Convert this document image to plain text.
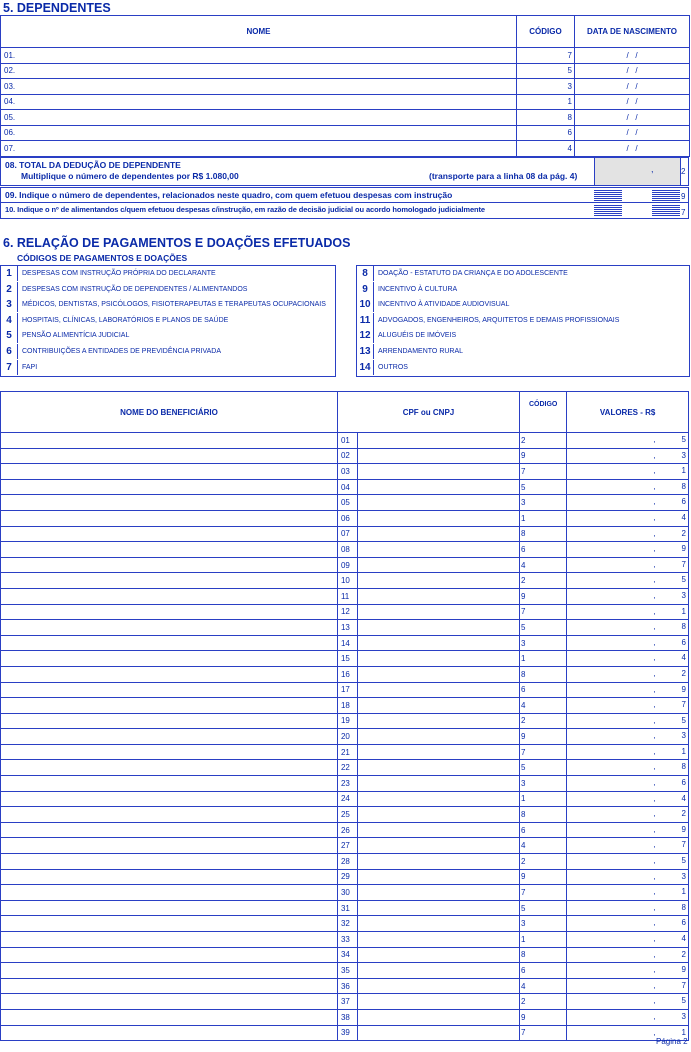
5. DEPENDENTES
NOME	CÓDIGO	DATA DE NASCIMENTO
01.	7	/   /
02.	5	/   /
03.	3	/   /
04.	1	/   /
05.	8	/   /
06.	6	/   /
07.	4	/   /
08. TOTAL DA DEDUÇÃO DE DEPENDENTE
Multiplique o número de dependentes por R$ 1.080,00	(transporte para a linha 08 da pág. 4)
,	2
09. Indique o número de dependentes, relacionados neste quadro, com quem efetuou despesas com instrução	9
10. Indique o nº de alimentandos c/quem efetuou despesas c/instrução, em razão de decisão judicial ou acordo homologado judicialmente	7
6. RELAÇÃO DE PAGAMENTOS E DOAÇÕES EFETUADOS
CÓDIGOS DE PAGAMENTOS E DOAÇÕES
1	DESPESAS COM INSTRUÇÃO PRÓPRIA DO DECLARANTE
2	DESPESAS COM INSTRUÇÃO DE DEPENDENTES / ALIMENTANDOS
3	MÉDICOS, DENTISTAS, PSICÓLOGOS, FISIOTERAPEUTAS E TERAPEUTAS OCUPACIONAIS
4	HOSPITAIS, CLÍNICAS, LABORATÓRIOS E PLANOS DE SAÚDE
5	PENSÃO ALIMENTÍCIA JUDICIAL
6	CONTRIBUIÇÕES A ENTIDADES DE PREVIDÊNCIA PRIVADA
7	FAPI
8	DOAÇÃO - ESTATUTO DA CRIANÇA E DO ADOLESCENTE
9	INCENTIVO À CULTURA
10	INCENTIVO À ATIVIDADE AUDIOVISUAL
11	ADVOGADOS, ENGENHEIROS, ARQUITETOS E DEMAIS PROFISSIONAIS
12	ALUGUÉIS DE IMÓVEIS
13	ARRENDAMENTO RURAL
14	OUTROS
NOME DO BENEFICIÁRIO	CPF ou CNPJ		CÓDIGO	VALORES - R$
	01		2	, 5

	02		9	, 3

	03		7	, 1

	04		5	, 8

	05		3	, 6

	06		1	, 4

	07		8	, 2

	08		6	, 9

	09		4	, 7

	10		2	, 5

	11		9	, 3

	12		7	, 1

	13		5	, 8

	14		3	, 6

	15		1	, 4

	16		8	, 2

	17		6	, 9

	18		4	, 7

	19		2	, 5

	20		9	, 3

	21		7	, 1

	22		5	, 8

	23		3	, 6

	24		1	, 4

	25		8	, 2

	26		6	, 9

	27		4	, 7

	28		2	, 5

	29		9	, 3

	30		7	, 1

	31		5	, 8

	32		3	, 6

	33		1	, 4

	34		8	, 2

	35		6	, 9

	36		4	, 7

	37		2	, 5

	38		9	, 3

	39		7	, 1
Página 2
